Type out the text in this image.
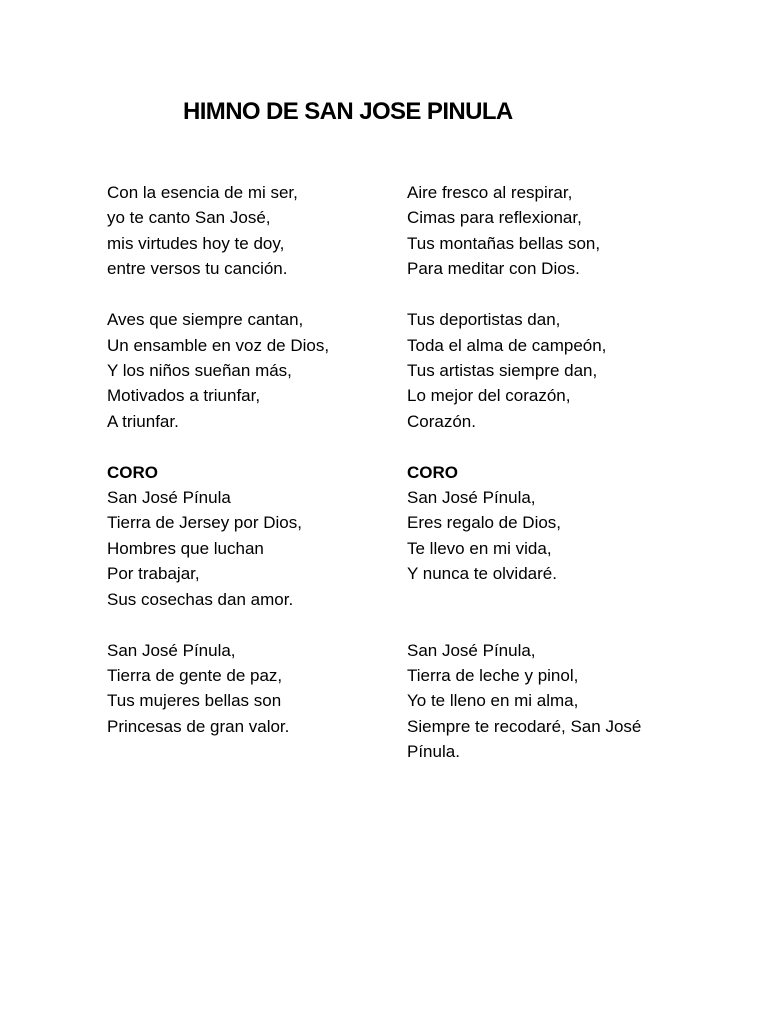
HIMNO DE SAN JOSE PINULA
Con la esencia de mi ser,
yo te canto San José,
mis virtudes hoy te doy,
entre versos tu canción.
Aves que siempre cantan,
Un ensamble en voz de Dios,
Y los niños sueñan más,
Motivados a triunfar,
A triunfar.
CORO
San José Pínula
Tierra de Jersey por Dios,
Hombres que luchan
Por trabajar,
Sus cosechas dan amor.
San José Pínula,
Tierra de gente de paz,
Tus mujeres bellas son
Princesas de gran valor.
Aire fresco al respirar,
Cimas para reflexionar,
Tus montañas bellas son,
Para meditar con Dios.
Tus deportistas dan,
Toda el alma de campeón,
Tus artistas siempre dan,
Lo mejor del corazón,
Corazón.
CORO
San José Pínula,
Eres regalo de Dios,
Te llevo en mi vida,
Y nunca te olvidaré.
San José Pínula,
Tierra de leche y pinol,
Yo te lleno en mi alma,
Siempre te recodaré, San José Pínula.
